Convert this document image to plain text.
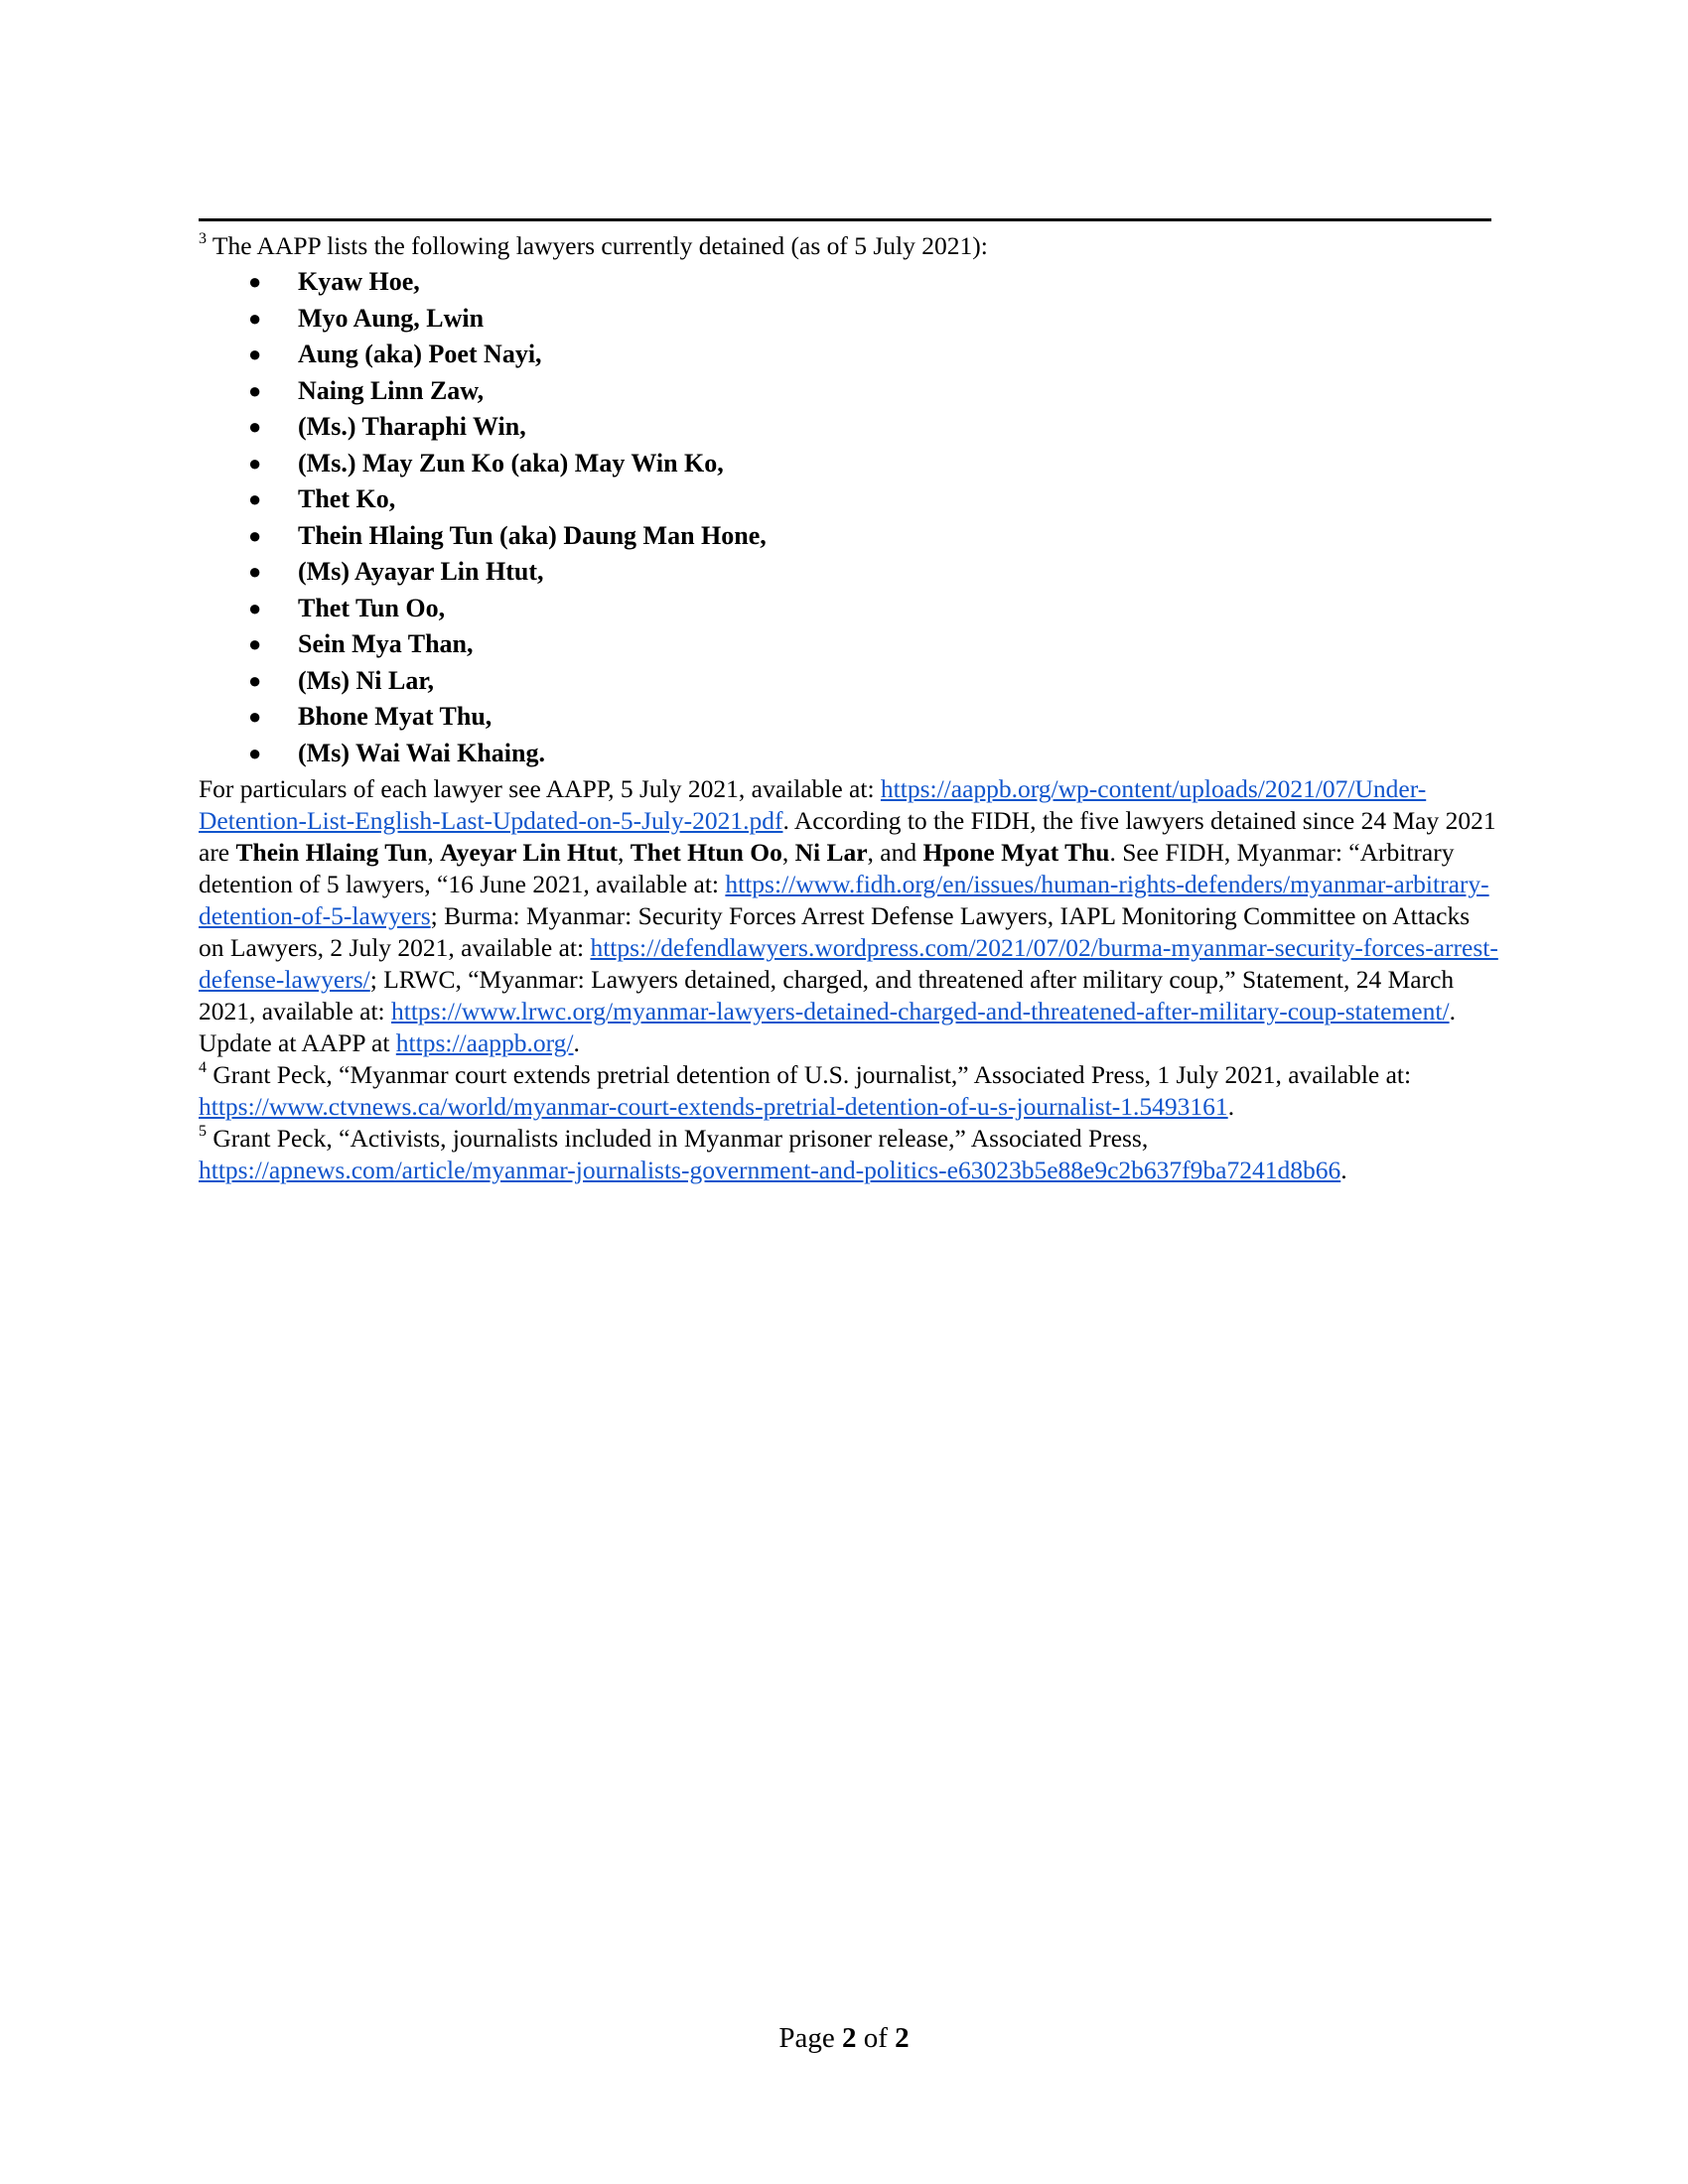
$^3$ The AAPP lists the following lawyers currently detained (as of 5 July 2021):
● Kyaw Hoe,
● Myo Aung, Lwin
● Aung (aka) Poet Nayi,
● Naing Linn Zaw,
● (Ms.) Tharaphi Win,
● (Ms.) May Zun Ko (aka) May Win Ko,
● Thet Ko,
● Thein Hlaing Tun (aka) Daung Man Hone,
● (Ms) Ayayar Lin Htut,
● Thet Tun Oo,
● Sein Mya Than,
● (Ms) Ni Lar,
● Bhone Myat Thu,
● (Ms) Wai Wai Khaing.
For particulars of each lawyer see AAPP, 5 July 2021, available at: https://aappb.org/wp-content/uploads/2021/07/Under-Detention-List-English-Last-Updated-on-5-July-2021.pdf. According to the FIDH, the five lawyers detained since 24 May 2021 are Thein Hlaing Tun, Ayeyar Lin Htut, Thet Htun Oo, Ni Lar, and Hpone Myat Thu. See FIDH, Myanmar: “Arbitrary detention of 5 lawyers, “16 June 2021, available at: https://www.fidh.org/en/issues/human-rights-defenders/myanmar-arbitrary-detention-of-5-lawyers; Burma: Myanmar: Security Forces Arrest Defense Lawyers, IAPL Monitoring Committee on Attacks on Lawyers, 2 July 2021, available at: https://defendlawyers.wordpress.com/2021/07/02/burma-myanmar-security-forces-arrest-defense-lawyers/; LRWC, “Myanmar: Lawyers detained, charged, and threatened after military coup,” Statement, 24 March 2021, available at: https://www.lrwc.org/myanmar-lawyers-detained-charged-and-threatened-after-military-coup-statement/. Update at AAPP at https://aappb.org/.
$^4$ Grant Peck, “Myanmar court extends pretrial detention of U.S. journalist,” Associated Press, 1 July 2021, available at: https://www.ctvnews.ca/world/myanmar-court-extends-pretrial-detention-of-u-s-journalist-1.5493161.
$^5$ Grant Peck, “Activists, journalists included in Myanmar prisoner release,” Associated Press,
https://apnews.com/article/myanmar-journalists-government-and-politics-e63023b5e88e9c2b637f9ba7241d8b66.
Page 2 of 2
